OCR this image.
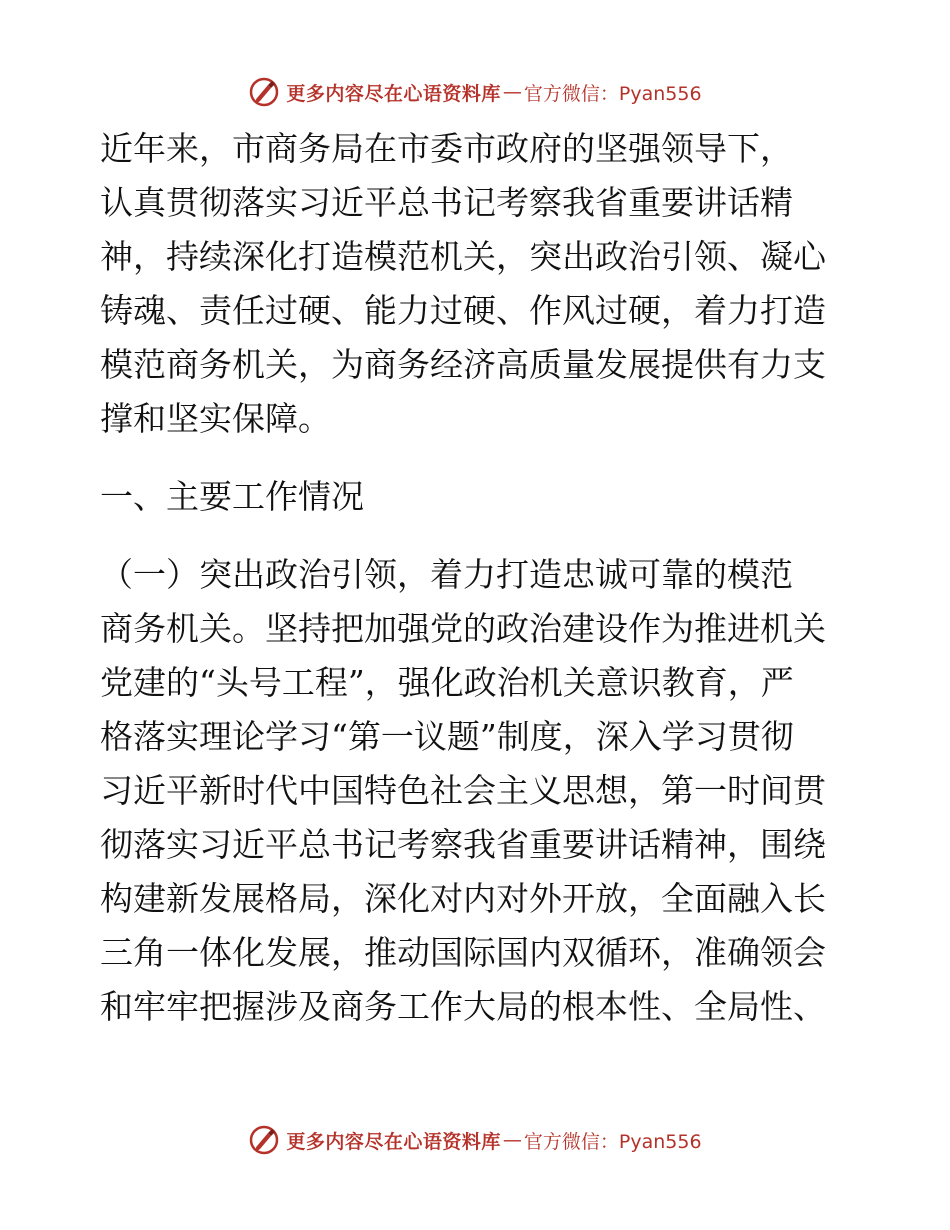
更多内容尽在心语资料库 — 官方微信：Pyan556
近年来，市商务局在市委市政府的坚强领导下，
认真贯彻落实习近平总书记考察我省重要讲话精
神，持续深化打造模范机关，突出政治引领、凝心
铸魂、责任过硬、能力过硬、作风过硬，着力打造
模范商务机关，为商务经济高质量发展提供有力支
撑和坚实保障。
一、主要工作情况
（一）突出政治引领，着力打造忠诚可靠的模范
商务机关。坚持把加强党的政治建设作为推进机关
党建的“头号工程”，强化政治机关意识教育，严
格落实理论学习“第一议题”制度，深入学习贯彻
习近平新时代中国特色社会主义思想，第一时间贯
彻落实习近平总书记考察我省重要讲话精神，围绕
构建新发展格局，深化对内对外开放，全面融入长
三角一体化发展，推动国际国内双循环，准确领会
和牢牢把握涉及商务工作大局的根本性、全局性、
更多内容尽在心语资料库 — 官方微信：Pyan556
